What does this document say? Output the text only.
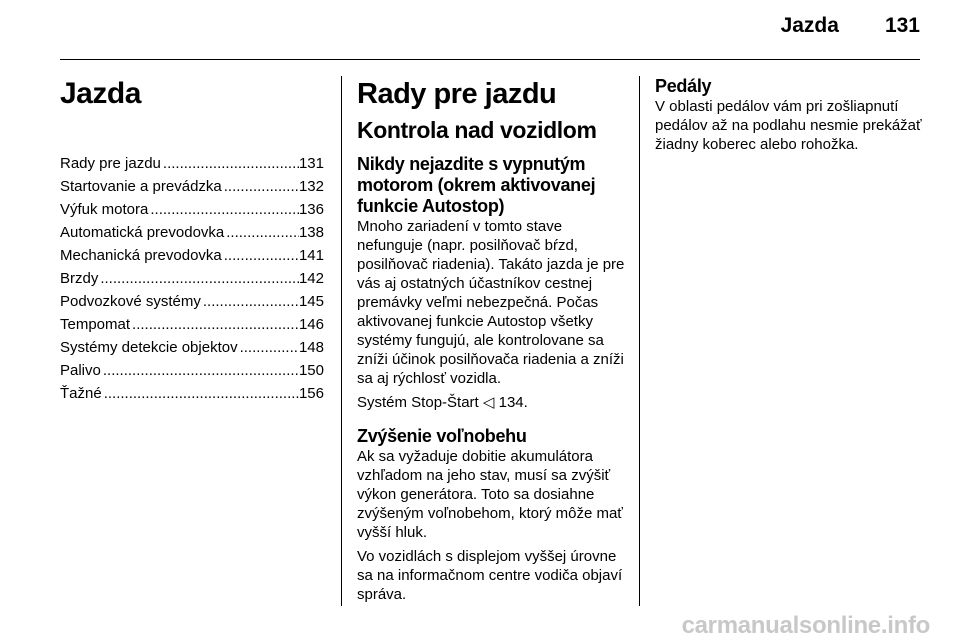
Jazda 131
Jazda
Rady pre jazdu .....	131
Startovanie a prevádzka .....	132
Výfuk motora .....	136
Automatická prevodovka .....	138
Mechanická prevodovka .....	141
Brzdy .....	142
Podvozkové systémy .....	145
Tempomat .....	146
Systémy detekcie objektov .....	148
Palivo .....	150
Ťažné .....	156
Rady pre jazdu
Kontrola nad vozidlom
Nikdy nejazdite s vypnutým motorom (okrem aktivovanej funkcie Autostop)

Mnoho zariadení v tomto stave nefunguje (napr. posilňovač bŕzd, posilňovač riadenia). Takáto jazda je pre vás aj ostatných účastníkov cestnej premávky veľmi nebezpečná. Počas aktivovanej funkcie Autostop všetky systémy fungujú, ale kontrolovane sa zníži účinok posilňovača riadenia a zníži sa aj rýchlosť vozidla.

Systém Stop-Štart ◁ 134.

Zvýšenie voľnobehu

Ak sa vyžaduje dobitie akumulátora vzhľadom na jeho stav, musí sa zvýšiť výkon generátora. Toto sa dosiahne zvýšeným voľnobehom, ktorý môže mať vyšší hluk.

Vo vozidlách s displejom vyššej úrovne sa na informačnom centre vodiča objaví správa.

Pedály

V oblasti pedálov vám pri zošliapnutí pedálov až na podlahu nesmie prekážať žiadny koberec alebo rohožka.

carmanualsonline.info
